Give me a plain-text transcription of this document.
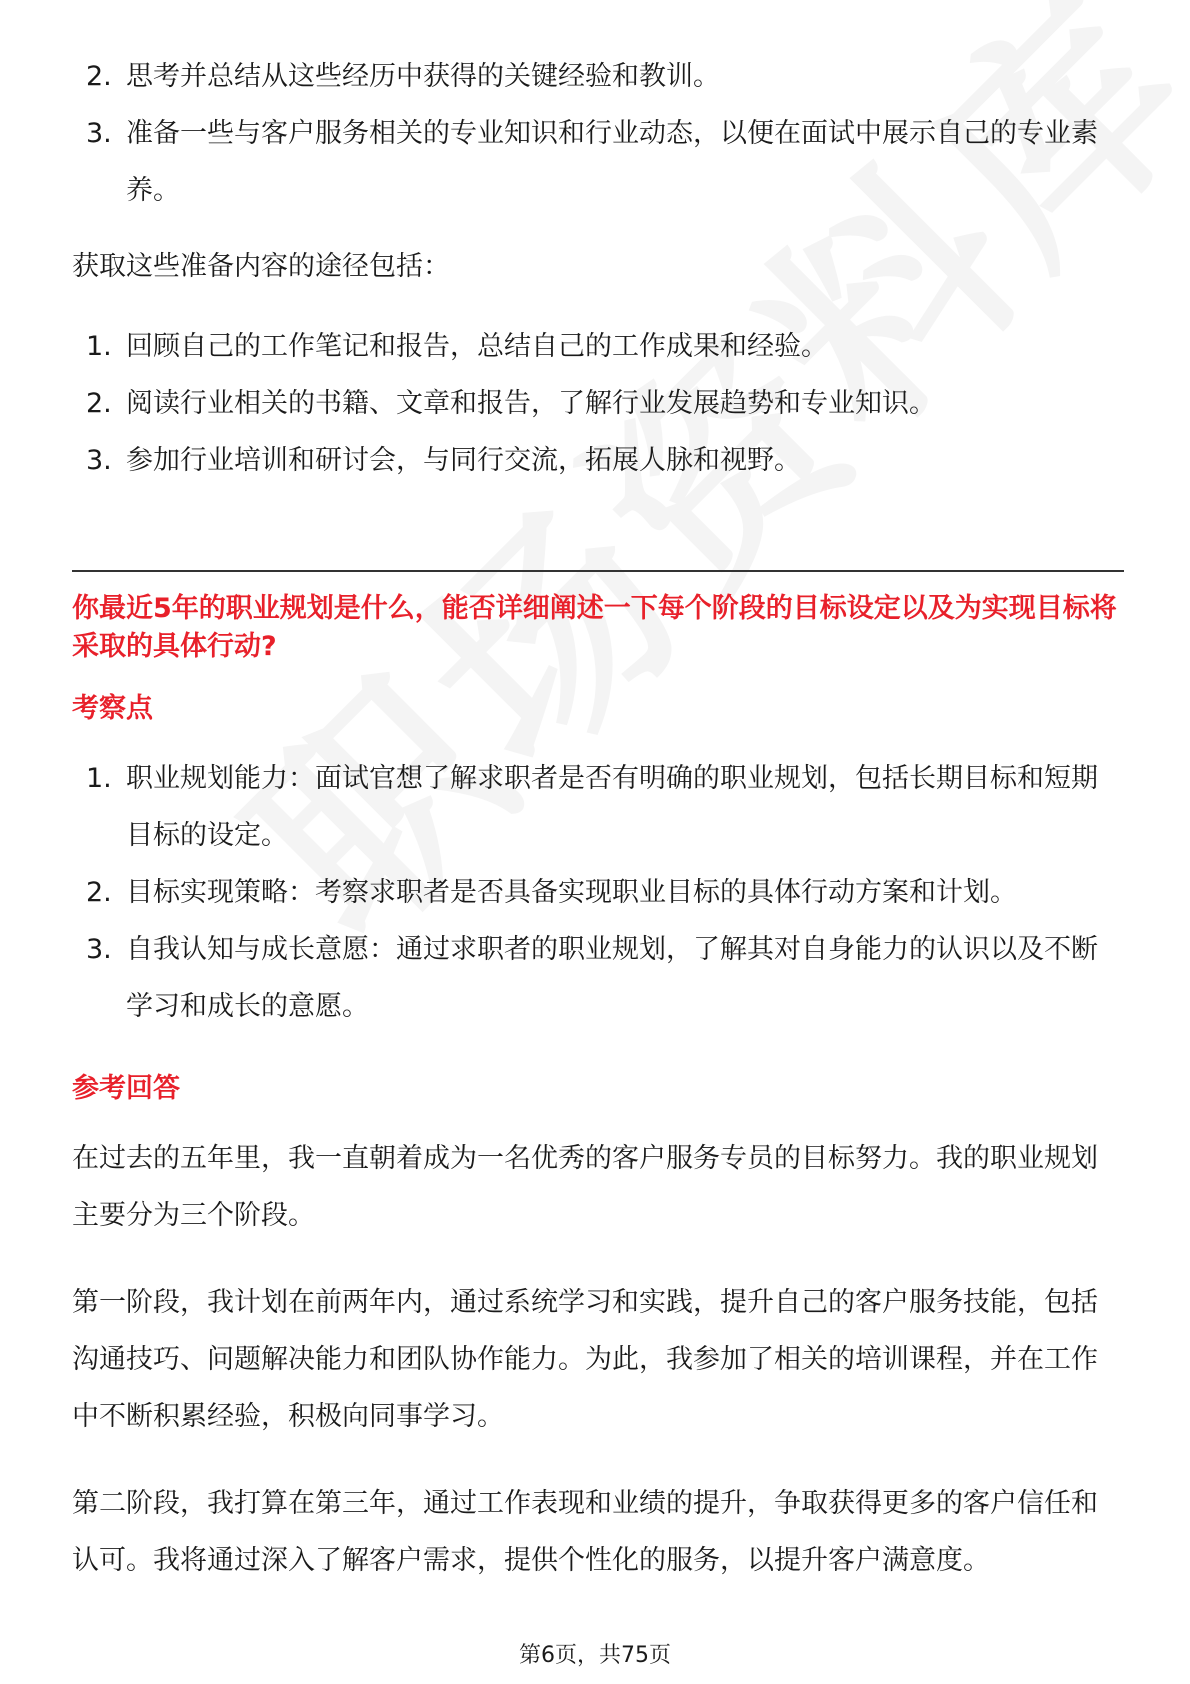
2. 思考并总结从这些经历中获得的关键经验和教训。
3. 准备一些与客户服务相关的专业知识和行业动态，以便在面试中展示自己的专业素养。

获取这些准备内容的途径包括：

1. 回顾自己的工作笔记和报告，总结自己的工作成果和经验。
2. 阅读行业相关的书籍、文章和报告，了解行业发展趋势和专业知识。
3. 参加行业培训和研讨会，与同行交流，拓展人脉和视野。

你最近5年的职业规划是什么，能否详细阐述一下每个阶段的目标设定以及为实现目标将采取的具体行动?

考察点

1. 职业规划能力：面试官想了解求职者是否有明确的职业规划，包括长期目标和短期目标的设定。
2. 目标实现策略：考察求职者是否具备实现职业目标的具体行动方案和计划。
3. 自我认知与成长意愿：通过求职者的职业规划，了解其对自身能力的认识以及不断学习和成长的意愿。

参考回答

在过去的五年里，我一直朝着成为一名优秀的客户服务专员的目标努力。我的职业规划主要分为三个阶段。

第一阶段，我计划在前两年内，通过系统学习和实践，提升自己的客户服务技能，包括沟通技巧、问题解决能力和团队协作能力。为此，我参加了相关的培训课程，并在工作中不断积累经验，积极向同事学习。

第二阶段，我打算在第三年，通过工作表现和业绩的提升，争取获得更多的客户信任和认可。我将通过深入了解客户需求，提供个性化的服务，以提升客户满意度。

第6页，共75页
